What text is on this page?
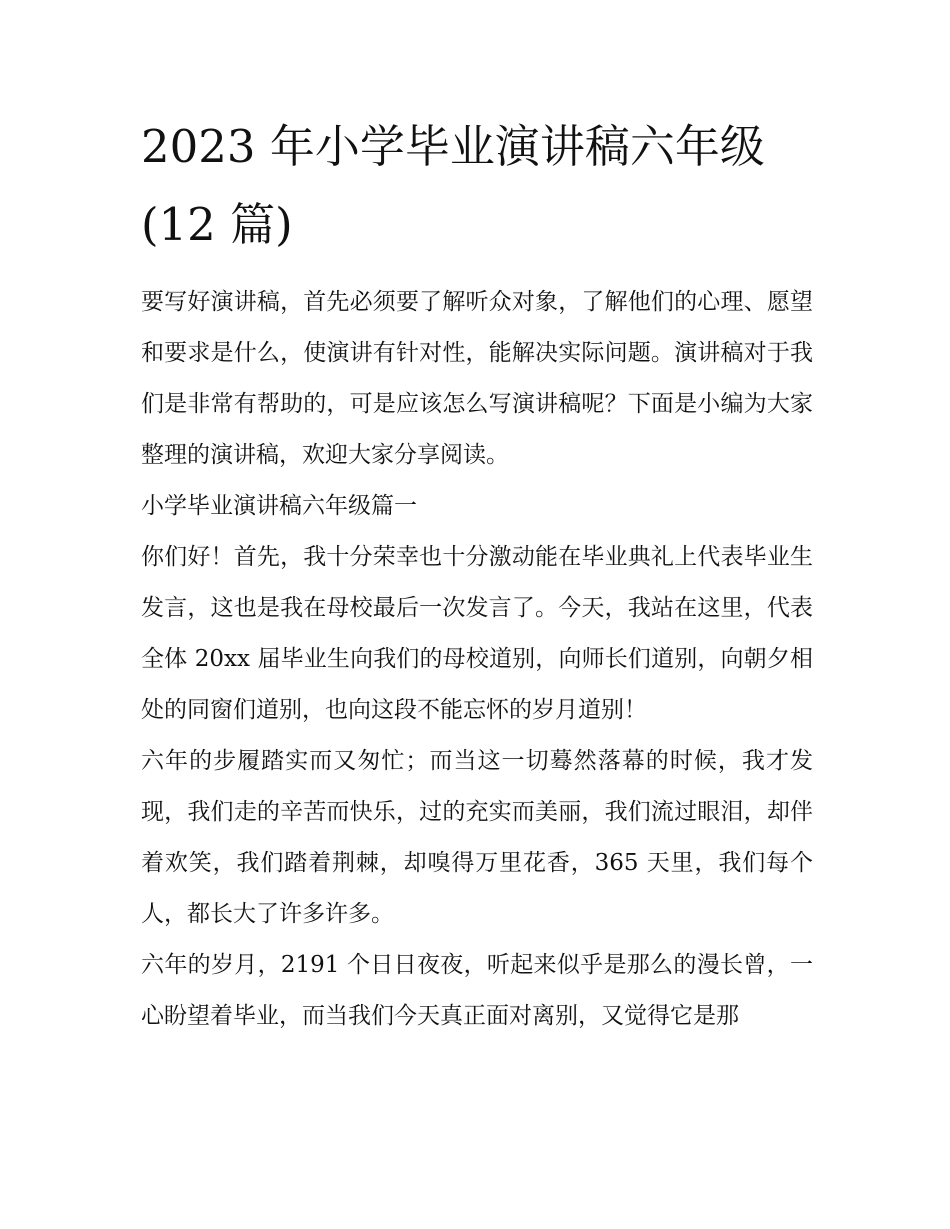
2023 年小学毕业演讲稿六年级
(12 篇)

要写好演讲稿，首先必须要了解听众对象，了解他们的心理、愿望和要求是什么，使演讲有针对性，能解决实际问题。演讲稿对于我们是非常有帮助的，可是应该怎么写演讲稿呢？下面是小编为大家整理的演讲稿，欢迎大家分享阅读。

小学毕业演讲稿六年级篇一

你们好！首先，我十分荣幸也十分激动能在毕业典礼上代表毕业生发言，这也是我在母校最后一次发言了。今天，我站在这里，代表全体 20xx 届毕业生向我们的母校道别，向师长们道别，向朝夕相处的同窗们道别，也向这段不能忘怀的岁月道别！

六年的步履踏实而又匆忙；而当这一切蓦然落幕的时候，我才发现，我们走的辛苦而快乐，过的充实而美丽，我们流过眼泪，却伴着欢笑，我们踏着荆棘，却嗅得万里花香，365 天里，我们每个人，都长大了许多许多。

六年的岁月，2191 个日日夜夜，听起来似乎是那么的漫长曾，一心盼望着毕业，而当我们今天真正面对离别，又觉得它是那
